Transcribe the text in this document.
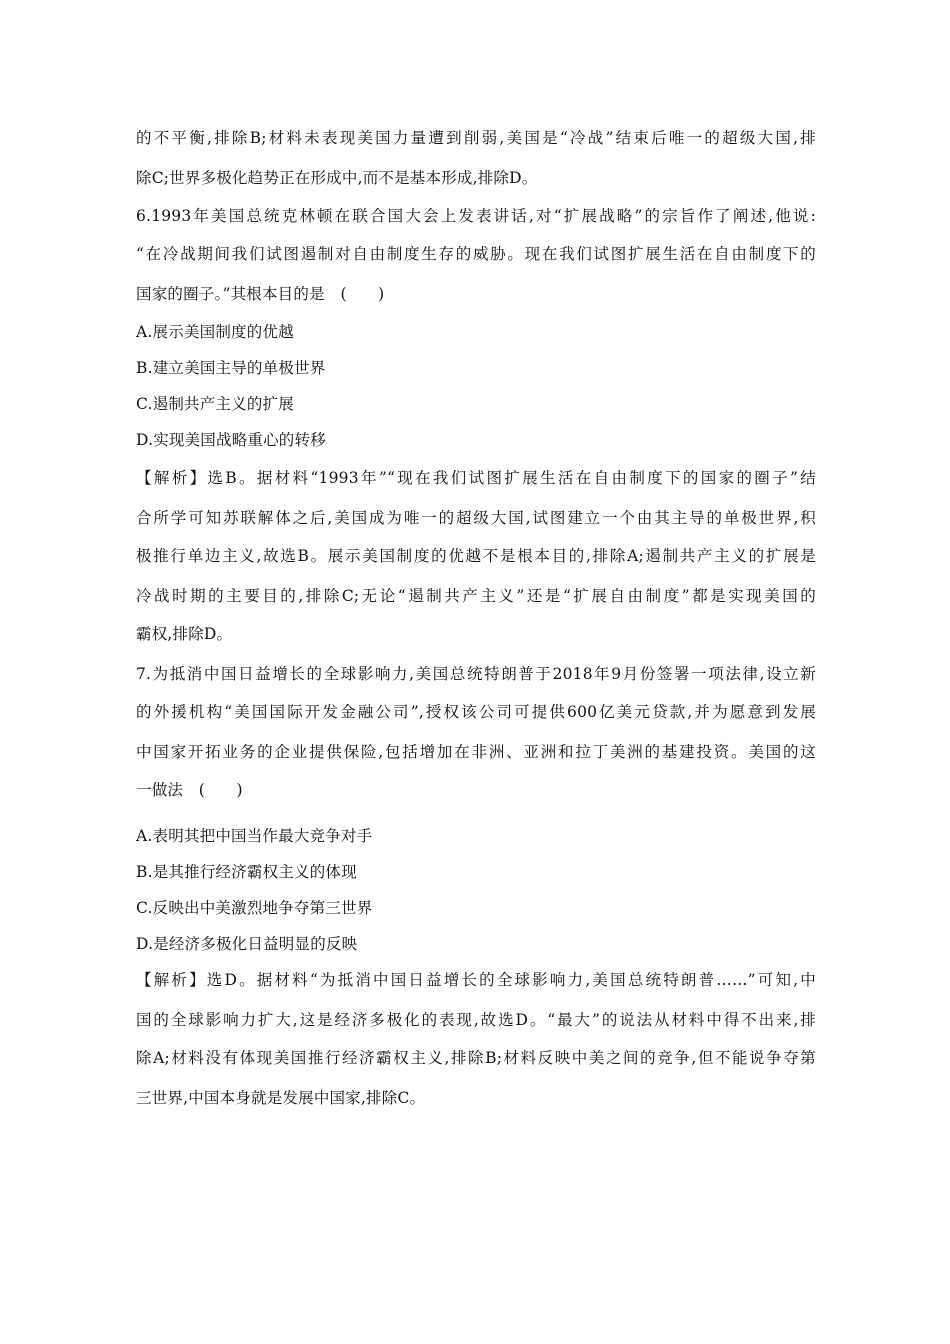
的不平衡,排除B;材料未表现美国力量遭到削弱,美国是“冷战”结束后唯一的超级大国,排
除C;世界多极化趋势正在形成中,而不是基本形成,排除D。
6.1993年美国总统克林顿在联合国大会上发表讲话,对“扩展战略”的宗旨作了阐述,他说:
“在冷战期间我们试图遏制对自由制度生存的威胁。现在我们试图扩展生活在自由制度下的
国家的圈子。”其根本目的是　(　　)
A.展示美国制度的优越
B.建立美国主导的单极世界
C.遏制共产主义的扩展
D.实现美国战略重心的转移
【解析】选B。据材料“1993年”“现在我们试图扩展生活在自由制度下的国家的圈子”结
合所学可知苏联解体之后,美国成为唯一的超级大国,试图建立一个由其主导的单极世界,积
极推行单边主义,故选B。展示美国制度的优越不是根本目的,排除A;遏制共产主义的扩展是
冷战时期的主要目的,排除C;无论“遏制共产主义”还是“扩展自由制度”都是实现美国的
霸权,排除D。
7.为抵消中国日益增长的全球影响力,美国总统特朗普于2018年9月份签署一项法律,设立新
的外援机构“美国国际开发金融公司”,授权该公司可提供600亿美元贷款,并为愿意到发展
中国家开拓业务的企业提供保险,包括增加在非洲、亚洲和拉丁美洲的基建投资。美国的这
一做法　(　　)
A.表明其把中国当作最大竞争对手
B.是其推行经济霸权主义的体现
C.反映出中美激烈地争夺第三世界
D.是经济多极化日益明显的反映
【解析】选D。据材料“为抵消中国日益增长的全球影响力,美国总统特朗普……”可知,中
国的全球影响力扩大,这是经济多极化的表现,故选D。“最大”的说法从材料中得不出来,排
除A;材料没有体现美国推行经济霸权主义,排除B;材料反映中美之间的竞争,但不能说争夺第
三世界,中国本身就是发展中国家,排除C。
